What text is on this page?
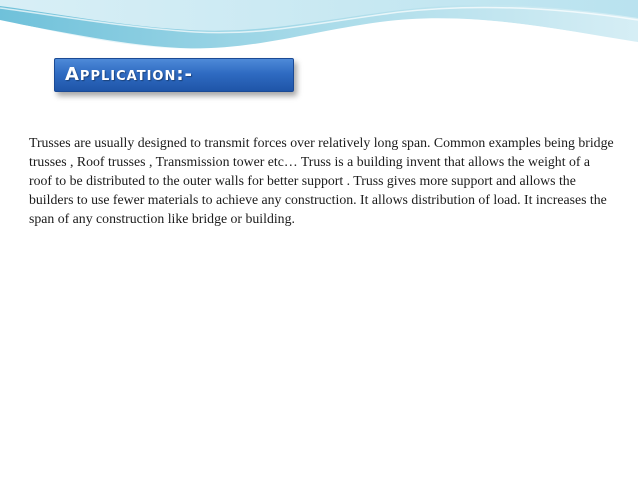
Application:-

Trusses are usually designed to transmit forces over relatively long span. Common examples being bridge trusses , Roof trusses , Transmission tower etc… Truss is a building invent that allows the weight of a roof to be distributed to the outer walls for better support . Truss gives more support and allows the builders to use fewer materials to achieve any construction. It allows distribution of load. It increases the span of any construction like bridge or building.
